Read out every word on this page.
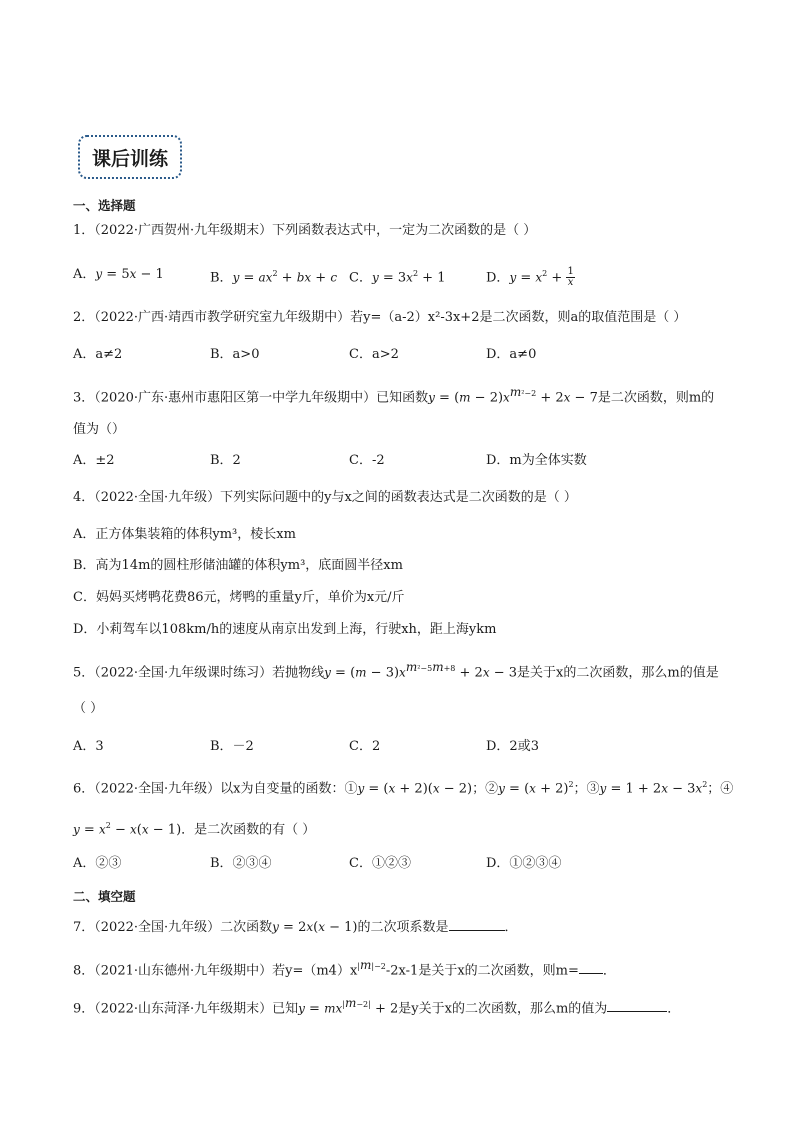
课后训练
一、选择题
1．（2022·广西贺州·九年级期末）下列函数表达式中，一定为二次函数的是（ ）
A．y = 5x − 1	B．$y = ax^2$ + bx + c C．$y = 3x^2 + 1$	D．$y = x^2 + \frac{1}{x}$
2．（2022·广西·靖西市教学研究室九年级期中）若y=（a-2）x²-3x+2是二次函数，则a的取值范围是（ ）
A．a≠2	B．a>0	C．a>2	D．a≠0
3．（2020·广东·惠州市惠阳区第一中学九年级期中）已知函数$y = (m - 2)x^{m^2-2} + 2x - 7$是二次函数，则m的
值为（）
A．±2	B．2	C．-2	D．m为全体实数
4．（2022·全国·九年级）下列实际问题中的y与x之间的函数表达式是二次函数的是（ ）
A．正方体集装箱的体积ym³，棱长xm
B．高为14m的圆柱形储油罐的体积ym³，底面圆半径xm
C．妈妈买烤鸭花费86元，烤鸭的重量y斤，单价为x元/斤
D．小莉驾车以108km/h的速度从南京出发到上海，行驶xh，距上海ykm
5．（2022·全国·九年级课时练习）若抛物线$y = (m - 3)x^{m^2-5m+8} + 2x - 3$是关于x的二次函数，那么m的值是
（ ）
A．3	B．－2	C．2	D．2或3
6．（2022·全国·九年级）以x为自变量的函数：①y = (x + 2)(x − 2)；②y = $(x + 2)^2$；③y = $1 + 2x - 3x^2$；④
$y = x^2 - x(x - 1)$．是二次函数的有（ ）
A．②③	B．②③④	C．①②③	D．①②③④
二、填空题
7．（2022·全国·九年级）二次函数y = 2x(x − 1)的二次项系数是	．
8．（2021·山东德州·九年级期中）若$y=(m4)x^{|m|-2}-2x-1$是关于x的二次函数，则m= ．
9．（2022·山东菏泽·九年级期末）已知$y = mx^{|m-2|} + 2$是y关于x的二次函数，那么m的值为	．
